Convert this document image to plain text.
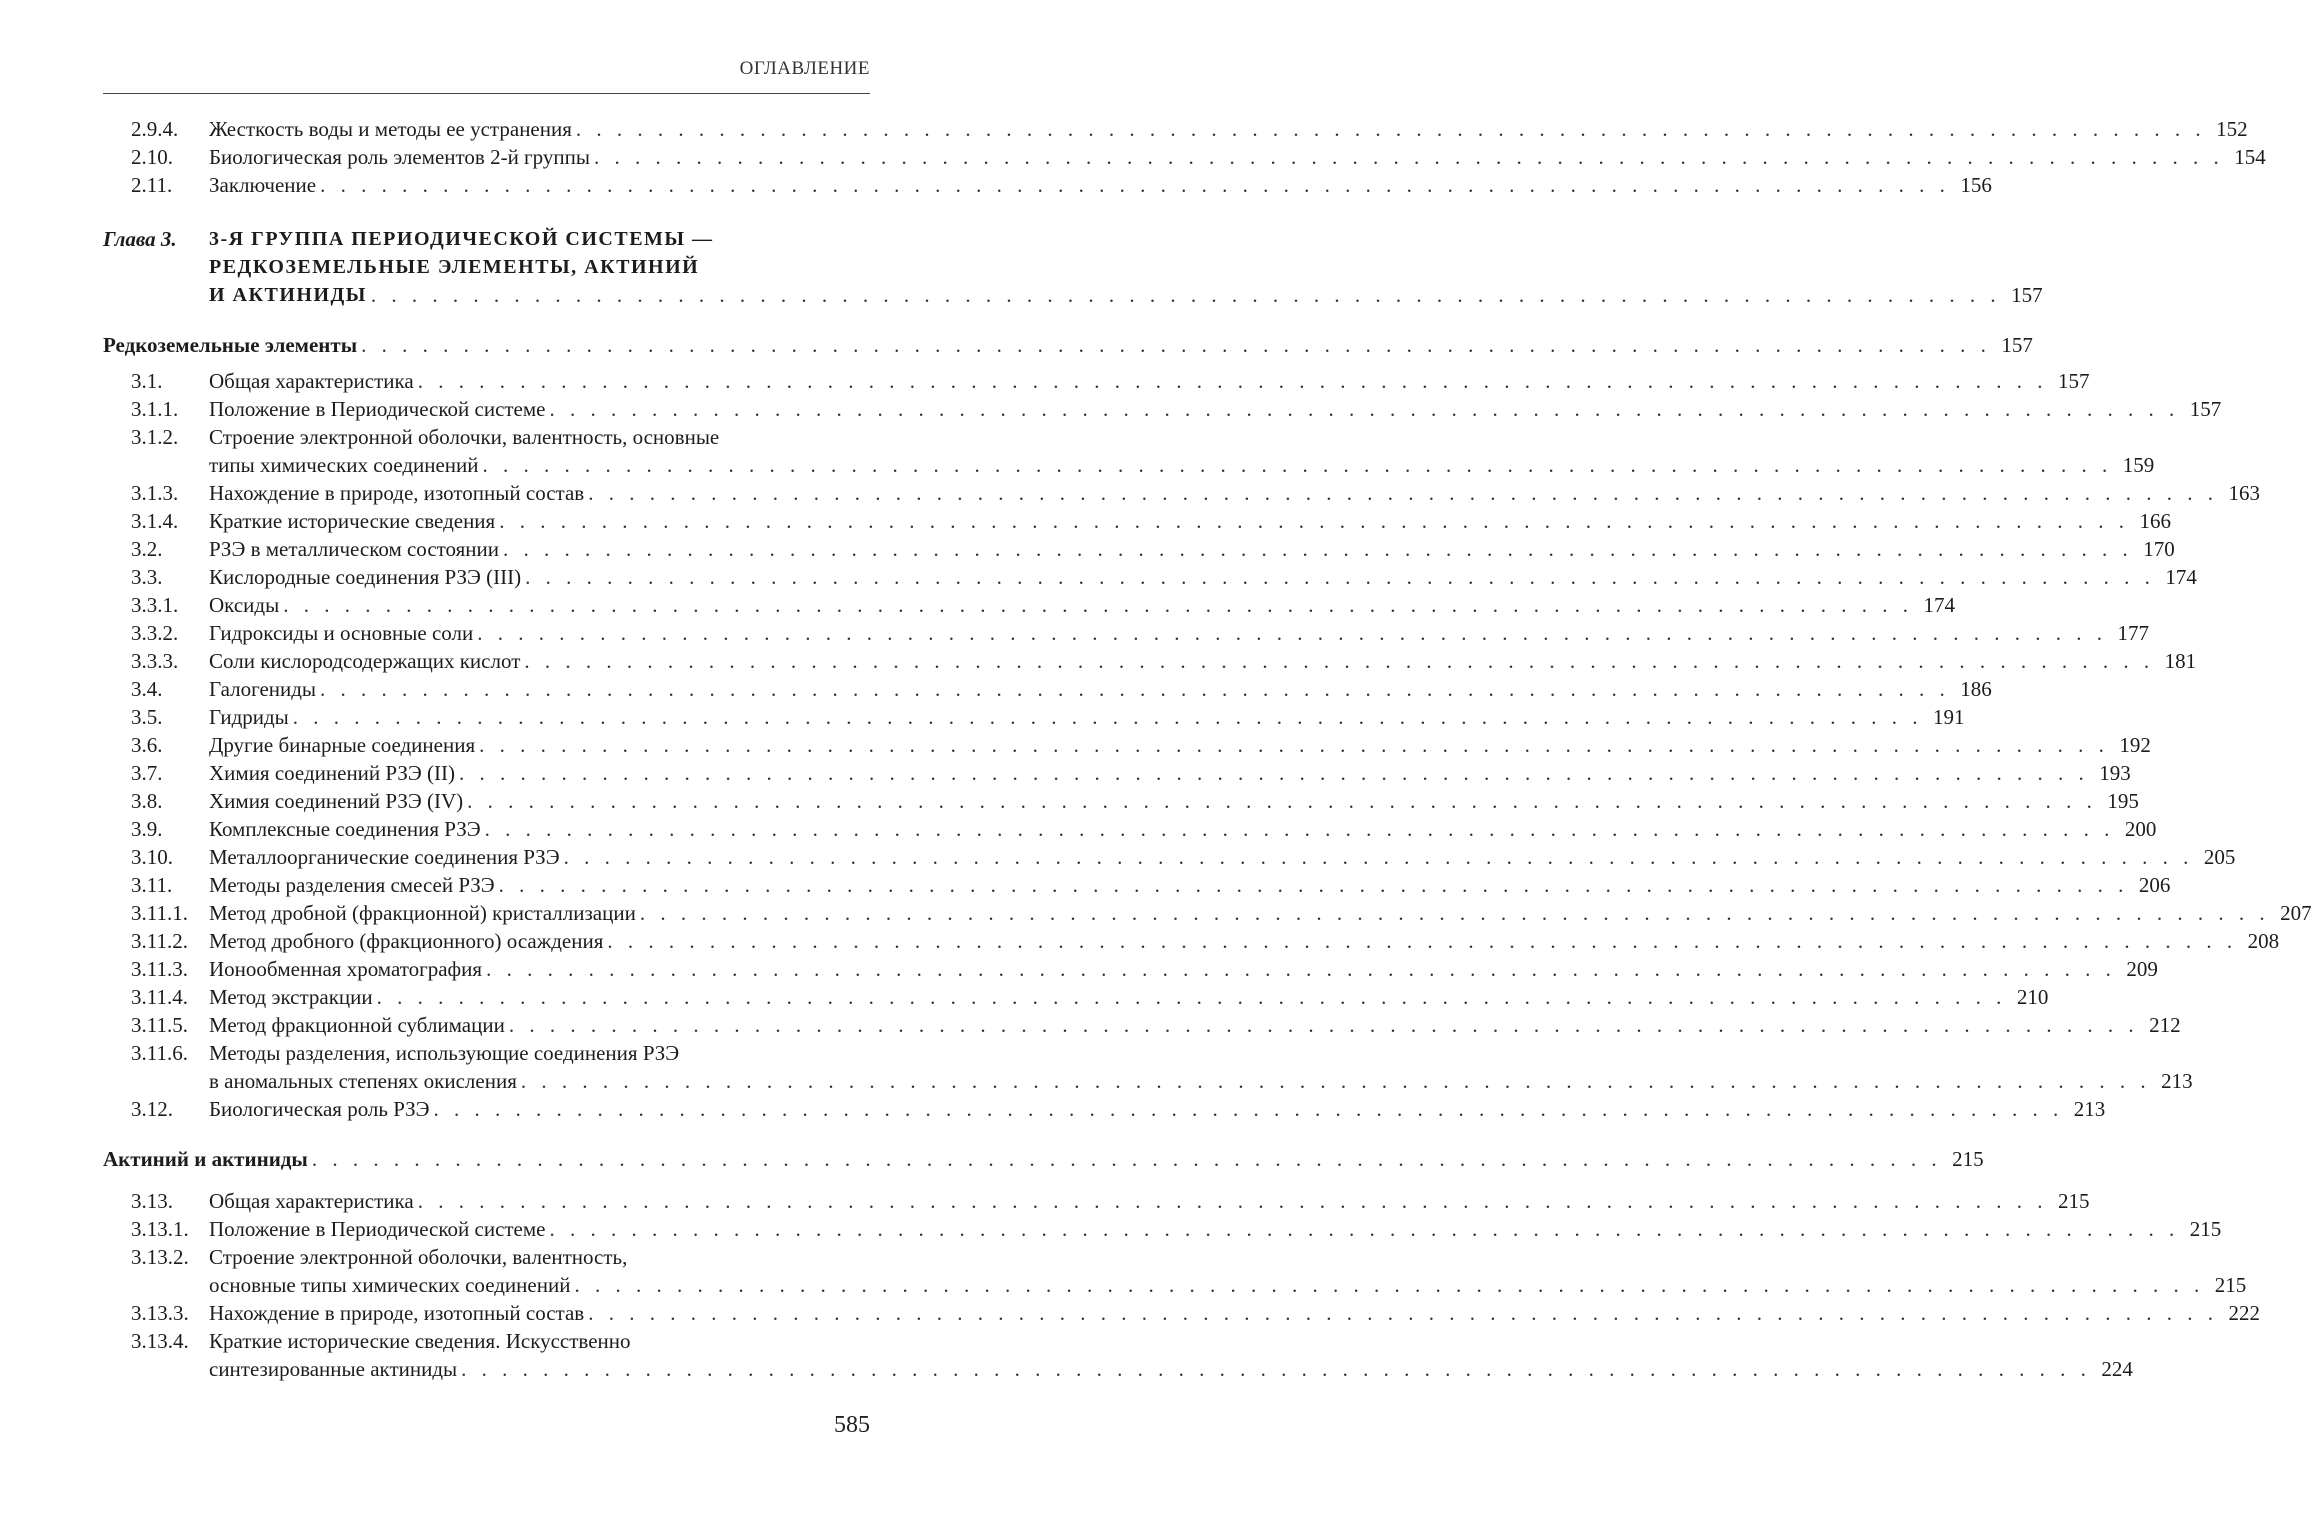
ОГЛАВЛЕНИЕ
2.9.4.	Жесткость воды и методы ее устранения . . .	152
2.10.	Биологическая роль элементов 2-й группы . . .	154
2.11.	Заключение . . .	156
Глава 3.	3-Я ГРУППА ПЕРИОДИЧЕСКОЙ СИСТЕМЫ —
РЕДКОЗЕМЕЛЬНЫЕ ЭЛЕМЕНТЫ, АКТИНИЙ
И АКТИНИДЫ . . .	157
Редкоземельные элементы . . .	157
3.1.	Общая характеристика . . .	157
3.1.1.	Положение в Периодической системе . . .	157
3.1.2.	Строение электронной оболочки, валентность, основные
типы химических соединений . . .	159
3.1.3.	Нахождение в природе, изотопный состав . . .	163
3.1.4.	Краткие исторические сведения . . .	166
3.2.	РЗЭ в металлическом состоянии . . .	170
3.3.	Кислородные соединения РЗЭ (III) . . .	174
3.3.1.	Оксиды . . .	174
3.3.2.	Гидроксиды и основные соли . . .	177
3.3.3.	Соли кислородсодержащих кислот . . .	181
3.4.	Галогениды . . .	186
3.5.	Гидриды . . .	191
3.6.	Другие бинарные соединения . . .	192
3.7.	Химия соединений РЗЭ (II) . . .	193
3.8.	Химия соединений РЗЭ (IV) . . .	195
3.9.	Комплексные соединения РЗЭ . . .	200
3.10.	Металлоорганические соединения РЗЭ . . .	205
3.11.	Методы разделения смесей РЗЭ . . .	206
3.11.1.	Метод дробной (фракционной) кристаллизации . . .	207
3.11.2.	Метод дробного (фракционного) осаждения . . .	208
3.11.3.	Ионообменная хроматография . . .	209
3.11.4.	Метод экстракции . . .	210
3.11.5.	Метод фракционной сублимации . . .	212
3.11.6.	Методы разделения, использующие соединения РЗЭ
в аномальных степенях окисления . . .	213
3.12.	Биологическая роль РЗЭ . . .	213
Актиний и актиниды . . .	215
3.13.	Общая характеристика . . .	215
3.13.1. Положение в Периодической системе . . .	215
3.13.2. Строение электронной оболочки, валентность,
основные типы химических соединений . . .	215
3.13.3. Нахождение в природе, изотопный состав . . .	222
3.13.4. Краткие исторические сведения. Искусственно
синтезированные актиниды . . .	224
585
